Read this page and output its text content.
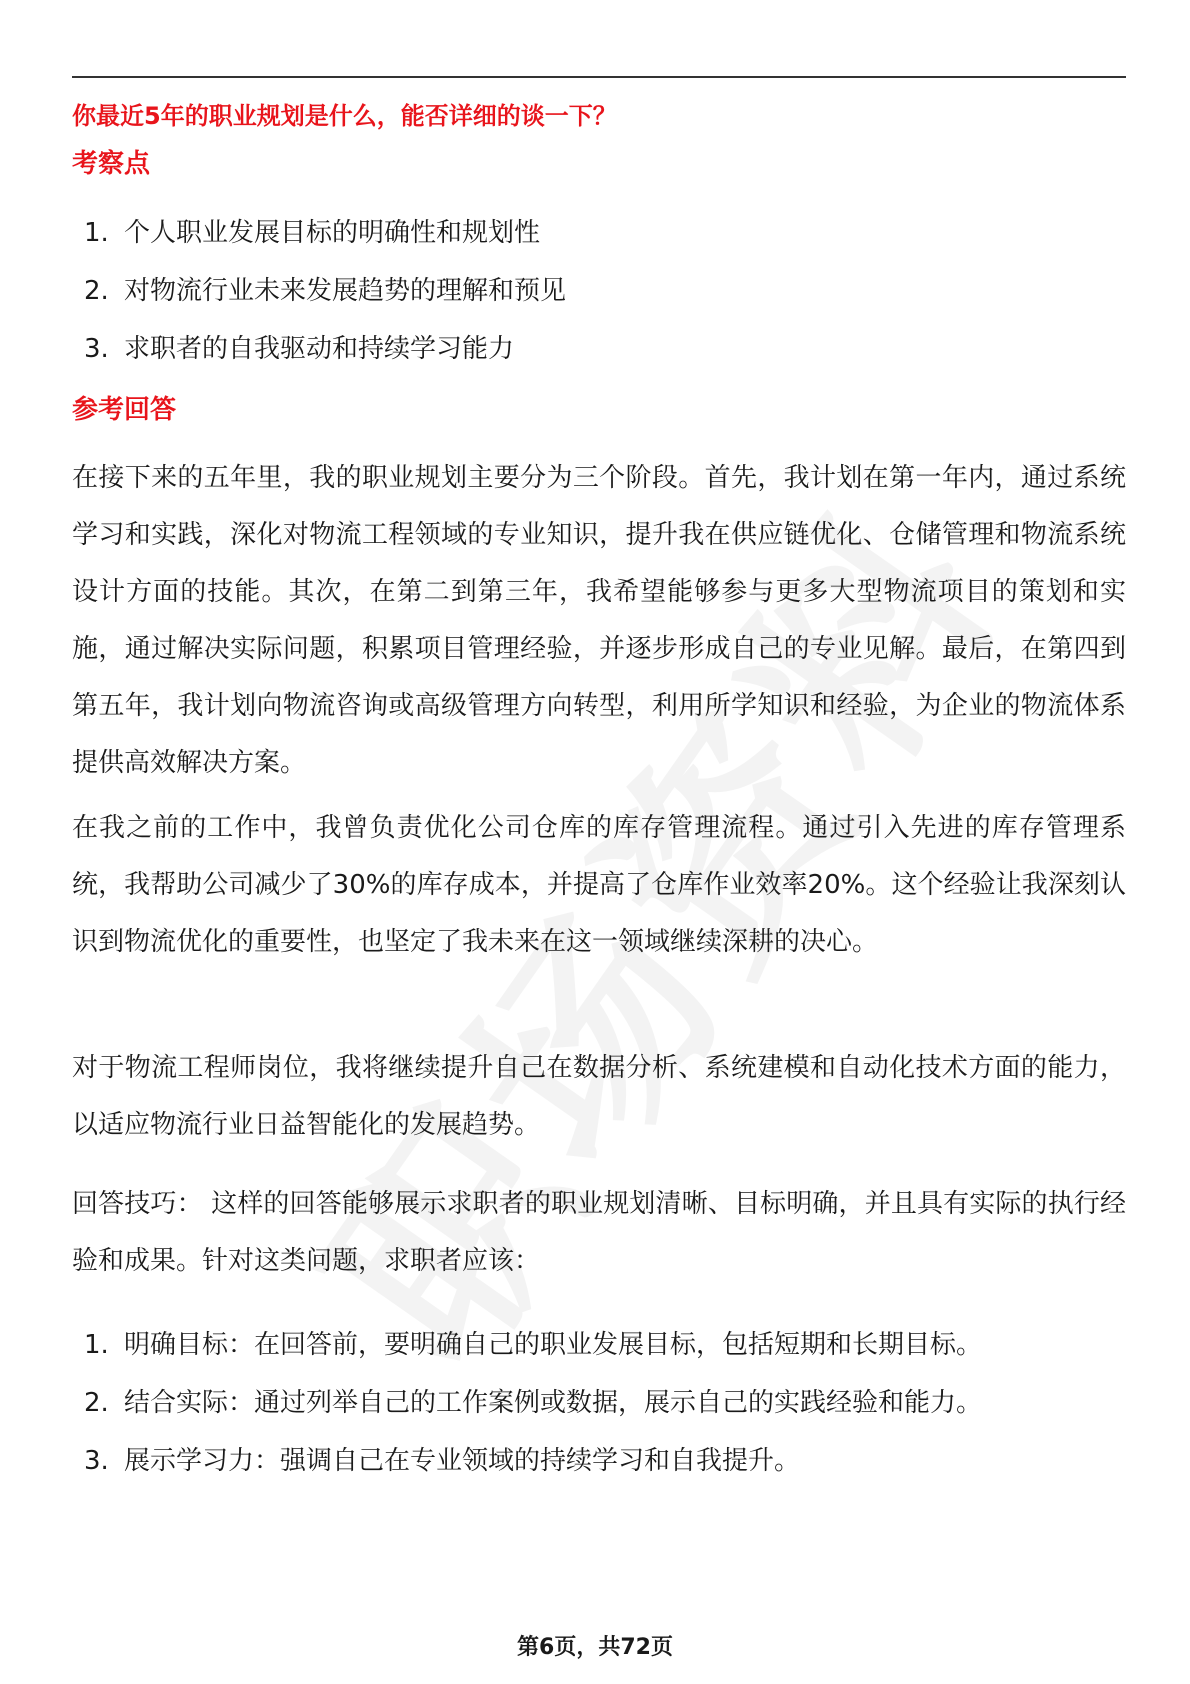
你最近5年的职业规划是什么，能否详细的谈一下？
考察点
1. 个人职业发展目标的明确性和规划性
2. 对物流行业未来发展趋势的理解和预见
3. 求职者的自我驱动和持续学习能力
参考回答

在接下来的五年里，我的职业规划主要分为三个阶段。首先，我计划在第一年内，通过系统学习和实践，深化对物流工程领域的专业知识，提升我在供应链优化、仓储管理和物流系统设计方面的技能。其次，在第二到第三年，我希望能够参与更多大型物流项目的策划和实施，通过解决实际问题，积累项目管理经验，并逐步形成自己的专业见解。最后，在第四到第五年，我计划向物流咨询或高级管理方向转型，利用所学知识和经验，为企业的物流体系提供高效解决方案。

在我之前的工作中，我曾负责优化公司仓库的库存管理流程。通过引入先进的库存管理系统，我帮助公司减少了30%的库存成本，并提高了仓库作业效率20%。这个经验让我深刻认识到物流优化的重要性，也坚定了我未来在这一领域继续深耕的决心。

对于物流工程师岗位，我将继续提升自己在数据分析、系统建模和自动化技术方面的能力，以适应物流行业日益智能化的发展趋势。

回答技巧： 这样的回答能够展示求职者的职业规划清晰、目标明确，并且具有实际的执行经验和成果。针对这类问题，求职者应该：

1. 明确目标：在回答前，要明确自己的职业发展目标，包括短期和长期目标。
2. 结合实际：通过列举自己的工作案例或数据，展示自己的实践经验和能力。
3. 展示学习力：强调自己在专业领域的持续学习和自我提升。
第6页，共72页
